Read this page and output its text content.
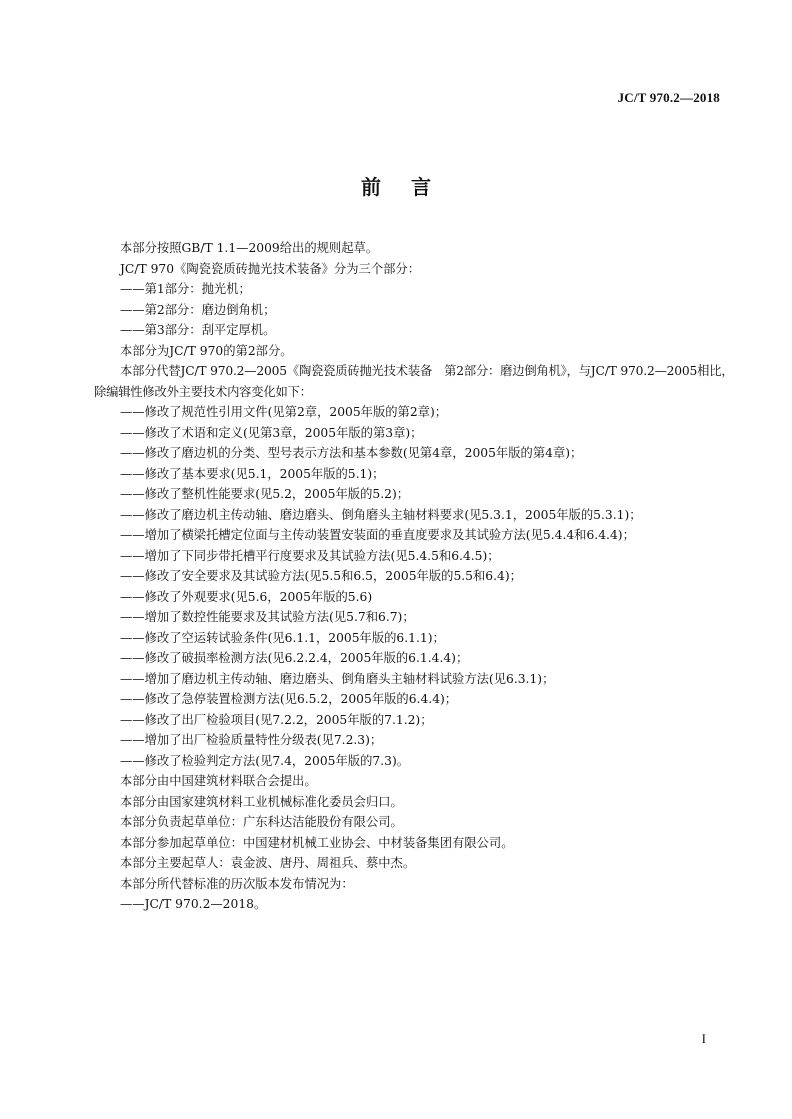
JC/T 970.2—2018
前言

本部分按照GB/T 1.1—2009给出的规则起草。

JC/T 970《陶瓷瓷质砖抛光技术装备》分为三个部分：

——第1部分：抛光机；

——第2部分：磨边倒角机；

——第3部分：刮平定厚机。

本部分为JC/T 970的第2部分。

本部分代替JC/T 970.2—2005《陶瓷瓷质砖抛光技术装备　第2部分：磨边倒角机》，与JC/T 970.2—2005相比，除编辑性修改外主要技术内容变化如下：

——修改了规范性引用文件(见第2章，2005年版的第2章)；

——修改了术语和定义(见第3章，2005年版的第3章)；

——修改了磨边机的分类、型号表示方法和基本参数(见第4章，2005年版的第4章)；

——修改了基本要求(见5.1，2005年版的5.1)；

——修改了整机性能要求(见5.2，2005年版的5.2)；

——修改了磨边机主传动轴、磨边磨头、倒角磨头主轴材料要求(见5.3.1，2005年版的5.3.1)；

——增加了横梁托槽定位面与主传动装置安装面的垂直度要求及其试验方法(见5.4.4和6.4.4)；

——增加了下同步带托槽平行度要求及其试验方法(见5.4.5和6.4.5)；

——修改了安全要求及其试验方法(见5.5和6.5，2005年版的5.5和6.4)；

——修改了外观要求(见5.6，2005年版的5.6)

——增加了数控性能要求及其试验方法(见5.7和6.7)；

——修改了空运转试验条件(见6.1.1，2005年版的6.1.1)；

——修改了破损率检测方法(见6.2.2.4，2005年版的6.1.4.4)；

——增加了磨边机主传动轴、磨边磨头、倒角磨头主轴材料试验方法(见6.3.1)；

——修改了急停装置检测方法(见6.5.2，2005年版的6.4.4)；

——修改了出厂检验项目(见7.2.2，2005年版的7.1.2)；

——增加了出厂检验质量特性分级表(见7.2.3)；

——修改了检验判定方法(见7.4，2005年版的7.3)。

本部分由中国建筑材料联合会提出。

本部分由国家建筑材料工业机械标准化委员会归口。

本部分负责起草单位：广东科达洁能股份有限公司。

本部分参加起草单位：中国建材机械工业协会、中材装备集团有限公司。

本部分主要起草人：袁金波、唐丹、周祖兵、蔡中杰。

本部分所代替标准的历次版本发布情况为：

——JC/T 970.2—2018。

I
